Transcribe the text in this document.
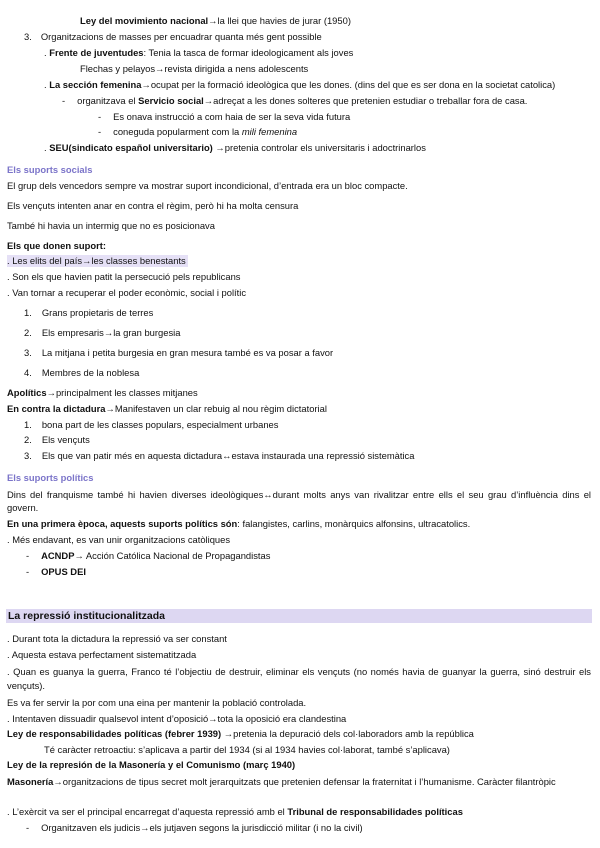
Ley del movimiento nacional→la llei que havies de jurar (1950)
3. Organitzacions de masses per encuadrar quanta més gent possible
. Frente de juventudes: Tenia la tasca de formar ideologicament als joves
Flechas y pelayos→revista dirigida a nens adolescents
. La sección femenina→ocupat per la formació ideològica que les dones. (dins del que es ser dona en la societat catolica)
- organitzava el Servicio social→adreçat a les dones solteres que pretenien estudiar o treballar fora de casa.
- Es onava instrucció a com haia de ser la seva vida futura
- coneguda popularment com la mili femenina
. SEU(sindicato español universitario) →pretenia controlar els universitaris i adoctrinarlos
Els suports socials
El grup dels vencedors sempre va mostrar suport incondicional, d’entrada era un bloc compacte.
Els vençuts intenten anar en contra el règim, però hi ha molta censura
També hi havia un intermig que no es posicionava
Els que donen suport:
. Les elits del país→les classes benestants
. Son els que havien patit la persecució pels republicans
. Van tornar a recuperar el poder econòmic, social i polític
1. Grans propietaris de terres
2. Els empresaris→la gran burgesia
3. La mitjana i petita burgesia en gran mesura també es va posar a favor
4. Membres de la noblesa
Apolítics→principalment les classes mitjanes
En contra la dictadura→Manifestaven un clar rebuig al nou règim dictatorial
1. bona part de les classes populars, especialment urbanes
2. Els vençuts
3. Els que van patir més en aquesta dictadura↔estava instaurada una repressió sistemàtica
Els suports polítics
Dins del franquisme també hi havien diverses ideològiques↔durant molts anys van rivalitzar entre ells el seu grau d’influència dins el govern.
En una primera època, aquests suports polítics són: falangistes, carlins, monàrquics alfonsins, ultracatolics.
. Més endavant, es van unir organitzacions catòliques
- ACNDP→ Acción Católica Nacional de Propagandistas
- OPUS DEI
La repressió institucionalitzada
. Durant tota la dictadura la repressió va ser constant
. Aquesta estava perfectament sistematitzada
. Quan es guanya la guerra, Franco té l’objectiu de destruir, eliminar els vençuts (no només havia de guanyar la guerra, sinó destruir els vençuts).
Es va fer servir la por com una eina per mantenir la població controlada.
. Intentaven dissuadir qualsevol intent d’oposició→tota la oposició era clandestina
Ley de responsabilidades políticas (febrer 1939) →pretenia la depuració dels col·laboradors amb la república
Té caràcter retroactiu: s’aplicava a partir del 1934 (si al 1934 havies col·laborat, també s’aplicava)
Ley de la represión de la Masonería y el Comunismo (març 1940)
Masonería→organitzacions de tipus secret molt jerarquitzats que pretenien defensar la fraternitat i l’humanisme. Caràcter filantròpic
. L’exèrcit va ser el principal encarregat d’aquesta repressió amb el Tribunal de responsabilidades políticas
- Organitzaven els judicis→els jutjaven segons la jurisdicció militar (i no la civil)
